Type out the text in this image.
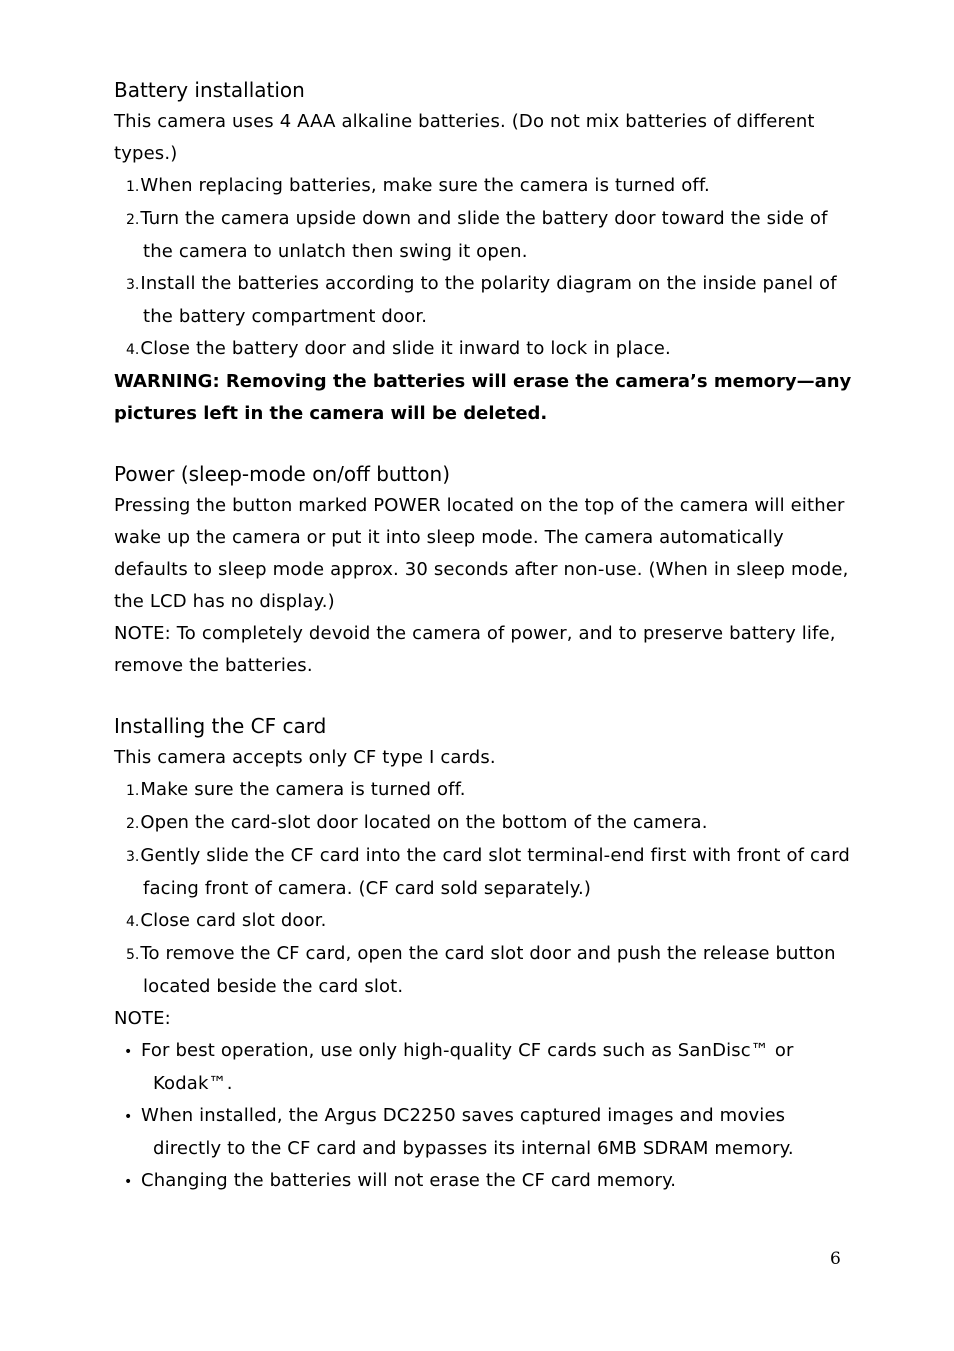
Battery installation

This camera uses 4 AAA alkaline batteries. (Do not mix batteries of different types.)

1.When replacing batteries, make sure the camera is turned off.
2.Turn the camera upside down and slide the battery door toward the side of the camera to unlatch then swing it open.
3.Install the batteries according to the polarity diagram on the inside panel of the battery compartment door.
4.Close the battery door and slide it inward to lock in place.

WARNING: Removing the batteries will erase the camera’s memory—any pictures left in the camera will be deleted.

Power (sleep-mode on/off button)

Pressing the button marked POWER located on the top of the camera will either wake up the camera or put it into sleep mode. The camera automatically defaults to sleep mode approx. 30 seconds after non-use. (When in sleep mode, the LCD has no display.)

NOTE: To completely devoid the camera of power, and to preserve battery life, remove the batteries.

Installing the CF card

This camera accepts only CF type I cards.

1.Make sure the camera is turned off.
2.Open the card-slot door located on the bottom of the camera.
3.Gently slide the CF card into the card slot terminal-end first with front of card facing front of camera. (CF card sold separately.)
4.Close card slot door.
5.To remove the CF card, open the card slot door and push the release button located beside the card slot.

NOTE:

• For best operation, use only high-quality CF cards such as SanDisc™ or Kodak™.
• When installed, the Argus DC2250 saves captured images and movies directly to the CF card and bypasses its internal 6MB SDRAM memory.
• Changing the batteries will not erase the CF card memory.
6
